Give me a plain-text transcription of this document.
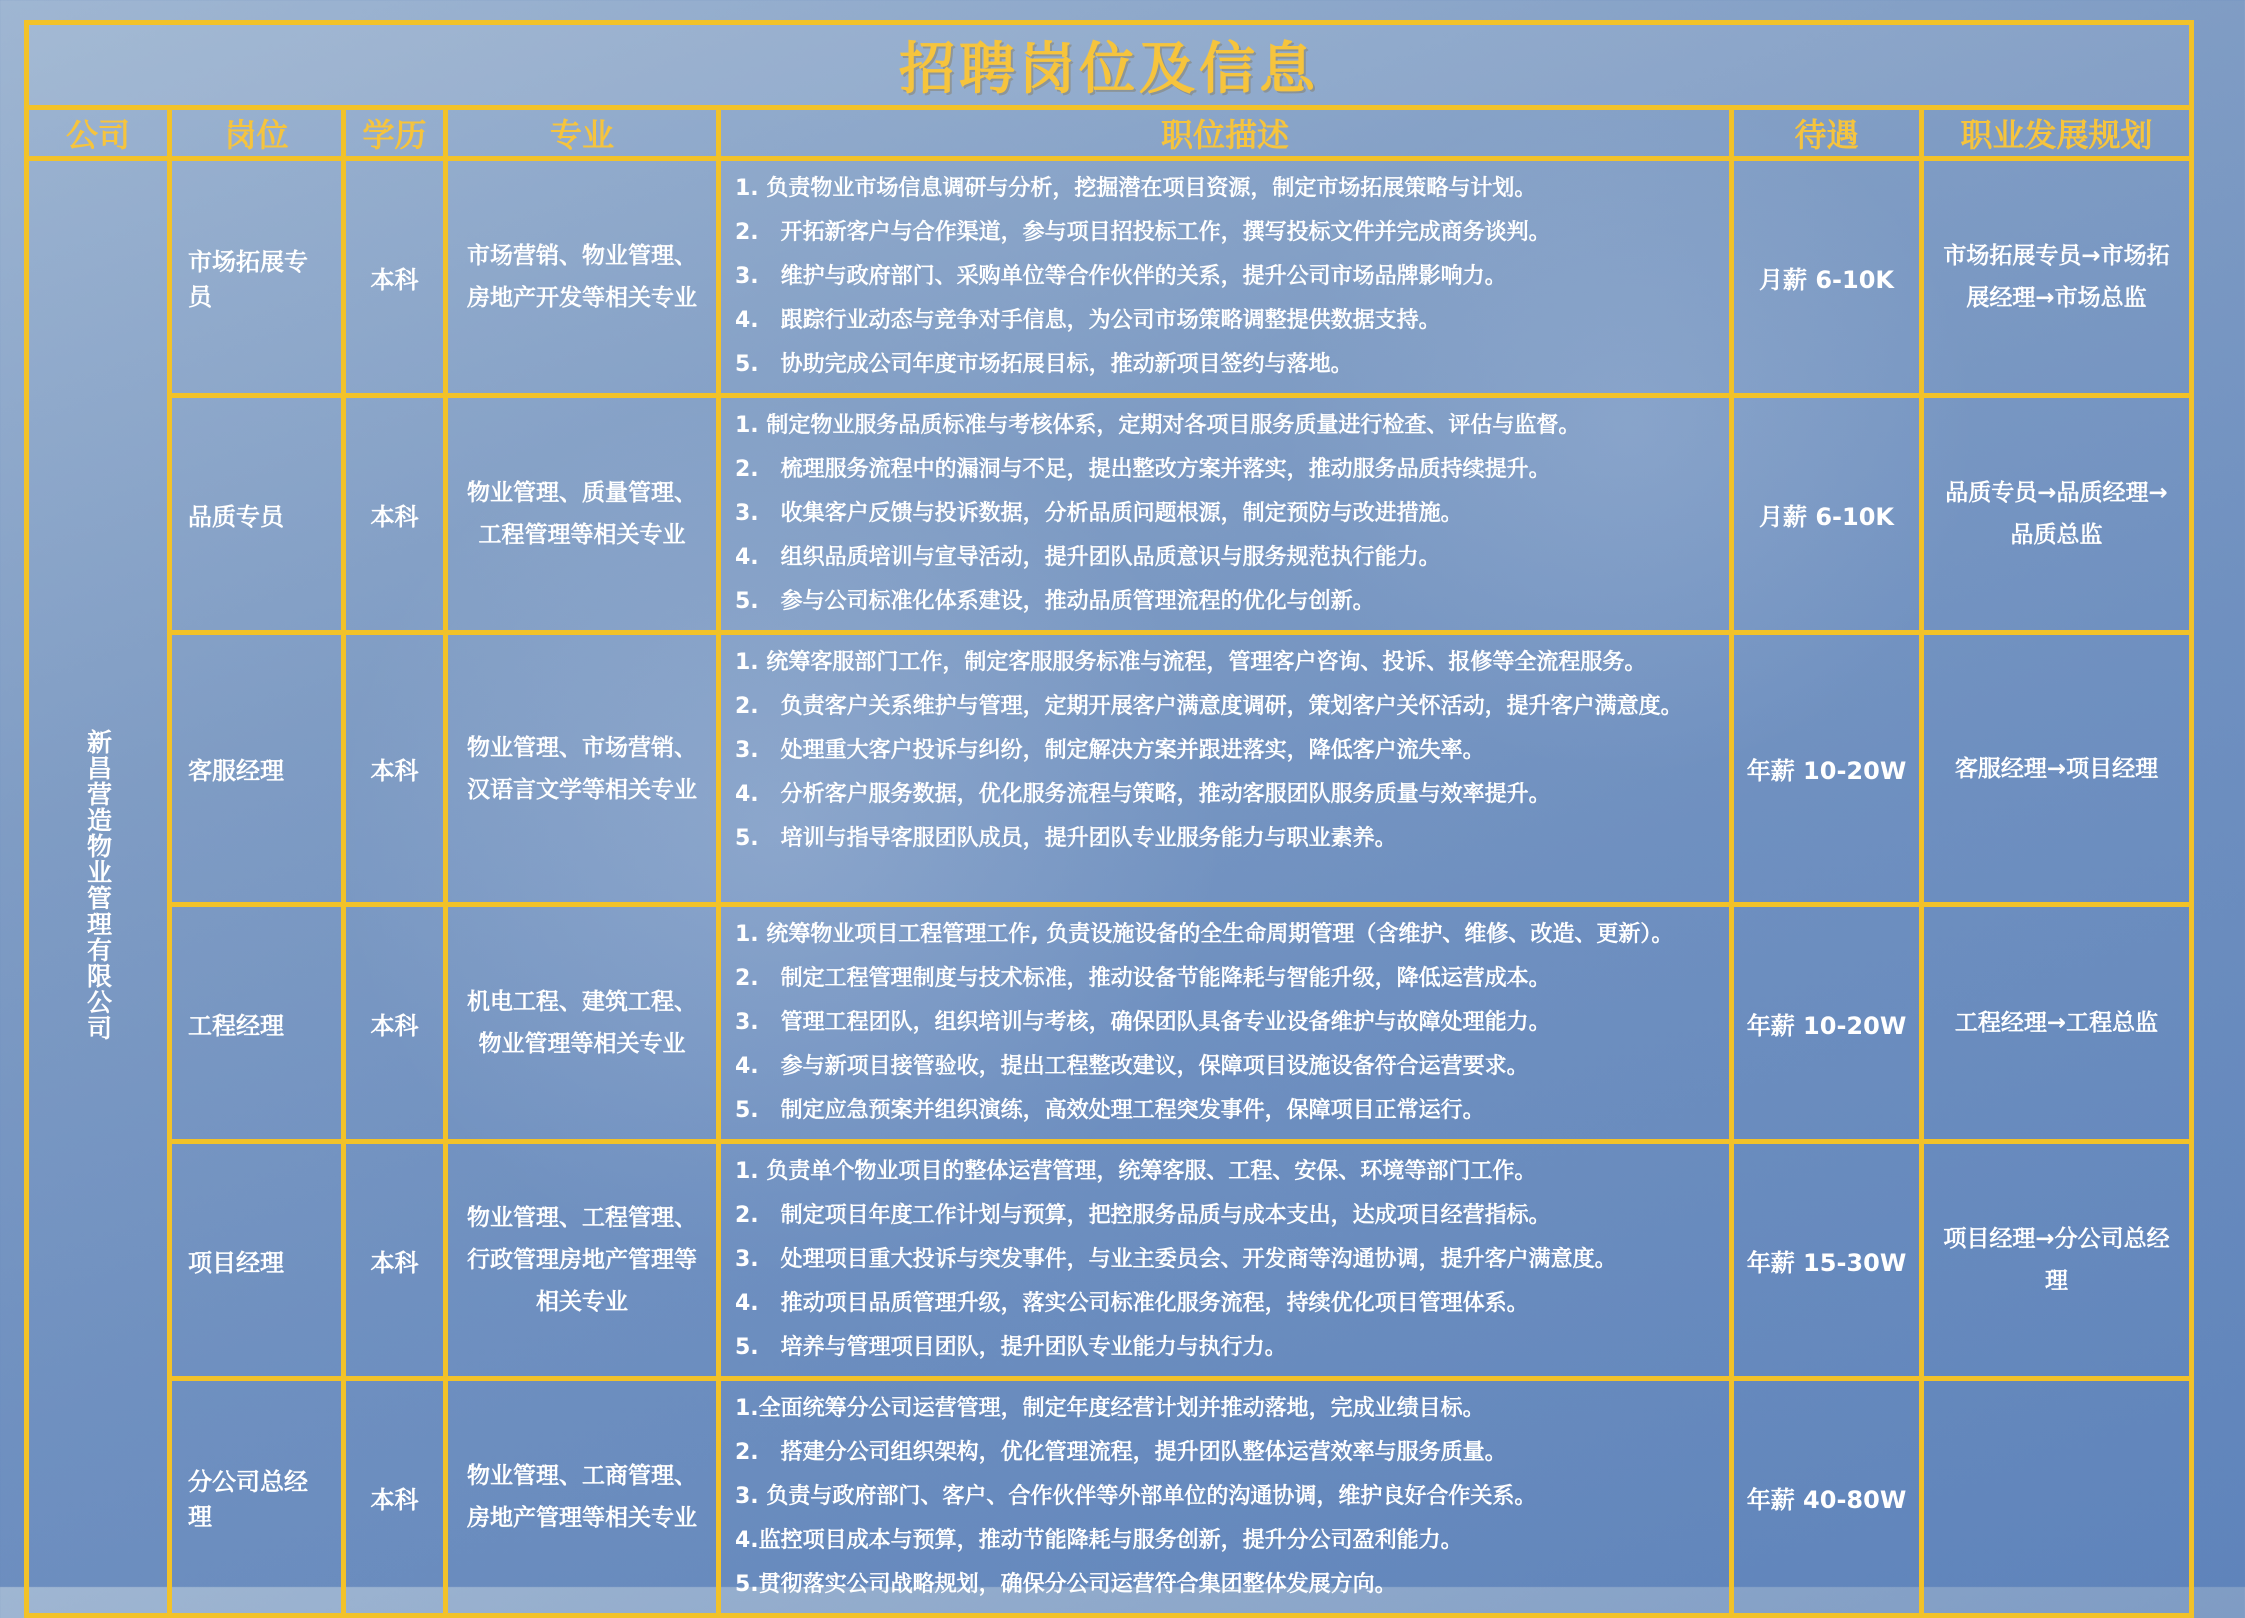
招聘岗位及信息						
公司	岗位	学历	专业	职位描述	待遇	职业发展规划
新昌营造物业管理有限公司	市场拓展专员	本科	市场营销、物业管理、房地产开发等相关专业	1. 负责物业市场信息调研与分析，挖掘潜在项目资源，制定市场拓展策略与计划。
2.　开拓新客户与合作渠道，参与项目招投标工作，撰写投标文件并完成商务谈判。
3.　维护与政府部门、采购单位等合作伙伴的关系，提升公司市场品牌影响力。
4.　跟踪行业动态与竞争对手信息，为公司市场策略调整提供数据支持。
5.　协助完成公司年度市场拓展目标，推动新项目签约与落地。	月薪 6-10K	市场拓展专员→市场拓展经理→市场总监
	品质专员	本科	物业管理、质量管理、工程管理等相关专业	1. 制定物业服务品质标准与考核体系，定期对各项目服务质量进行检查、评估与监督。
2.　梳理服务流程中的漏洞与不足，提出整改方案并落实，推动服务品质持续提升。
3.　收集客户反馈与投诉数据，分析品质问题根源，制定预防与改进措施。
4.　组织品质培训与宣导活动，提升团队品质意识与服务规范执行能力。
5.　参与公司标准化体系建设，推动品质管理流程的优化与创新。	月薪 6-10K	品质专员→品质经理→品质总监
	客服经理	本科	物业管理、市场营销、汉语言文学等相关专业	1. 统筹客服部门工作，制定客服服务标准与流程，管理客户咨询、投诉、报修等全流程服务。
2.　负责客户关系维护与管理，定期开展客户满意度调研，策划客户关怀活动，提升客户满意度。
3.　处理重大客户投诉与纠纷，制定解决方案并跟进落实，降低客户流失率。
4.　分析客户服务数据，优化服务流程与策略，推动客服团队服务质量与效率提升。
5.　培训与指导客服团队成员，提升团队专业服务能力与职业素养。	年薪 10-20W	客服经理→项目经理
	工程经理	本科	机电工程、建筑工程、物业管理等相关专业	1. 统筹物业项目工程管理工作, 负责设施设备的全生命周期管理（含维护、维修、改造、更新）。
2.　制定工程管理制度与技术标准，推动设备节能降耗与智能升级，降低运营成本。
3.　管理工程团队，组织培训与考核，确保团队具备专业设备维护与故障处理能力。
4.　参与新项目接管验收，提出工程整改建议，保障项目设施设备符合运营要求。
5.　制定应急预案并组织演练，高效处理工程突发事件，保障项目正常运行。	年薪 10-20W	工程经理→工程总监
	项目经理	本科	物业管理、工程管理、行政管理房地产管理等相关专业	1. 负责单个物业项目的整体运营管理，统筹客服、工程、安保、环境等部门工作。
2.　制定项目年度工作计划与预算，把控服务品质与成本支出，达成项目经营指标。
3.　处理项目重大投诉与突发事件，与业主委员会、开发商等沟通协调，提升客户满意度。
4.　推动项目品质管理升级，落实公司标准化服务流程，持续优化项目管理体系。
5.　培养与管理项目团队，提升团队专业能力与执行力。	年薪 15-30W	项目经理→分公司总经理
	分公司总经理	本科	物业管理、工商管理、房地产管理等相关专业	1.全面统筹分公司运营管理，制定年度经营计划并推动落地，完成业绩目标。
2.　搭建分公司组织架构，优化管理流程，提升团队整体运营效率与服务质量。
3. 负责与政府部门、客户、合作伙伴等外部单位的沟通协调，维护良好合作关系。
4.监控项目成本与预算，推动节能降耗与服务创新，提升分公司盈利能力。
5.贯彻落实公司战略规划，确保分公司运营符合集团整体发展方向。	年薪 40-80W	
